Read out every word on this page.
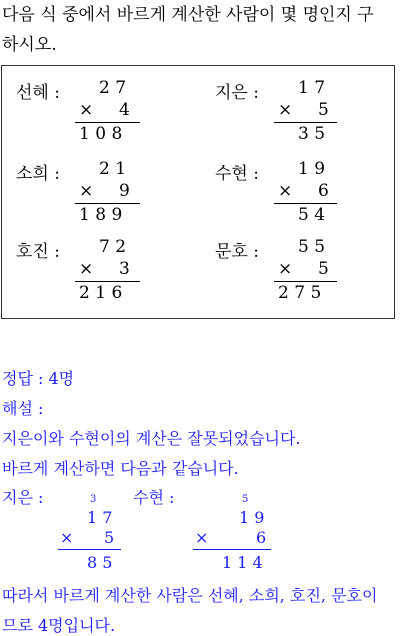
다음 식 중에서 바르게 계산한 사람이 몇 명인지 구
하시오.
선혜 : 2 7
× 4
1 0 8
지은 : 1 7
× 5
3 5
소희 : 2 1
× 9
1 8 9
수현 : 1 9
× 6
5 4
호진 : 7 2
× 3
2 1 6
문호 : 5 5
× 5
2 7 5
정답 : 4명
해설 :
지은이와 수현이의 계산은 잘못되었습니다.
바르게 계산하면 다음과 같습니다.
지은 :	3
1 7
× 5
8 5
수현 :	5
1 9
×	6
1 1 4
따라서 바르게 계산한 사람은 선혜, 소희, 호진, 문호이
므로 4명입니다.
